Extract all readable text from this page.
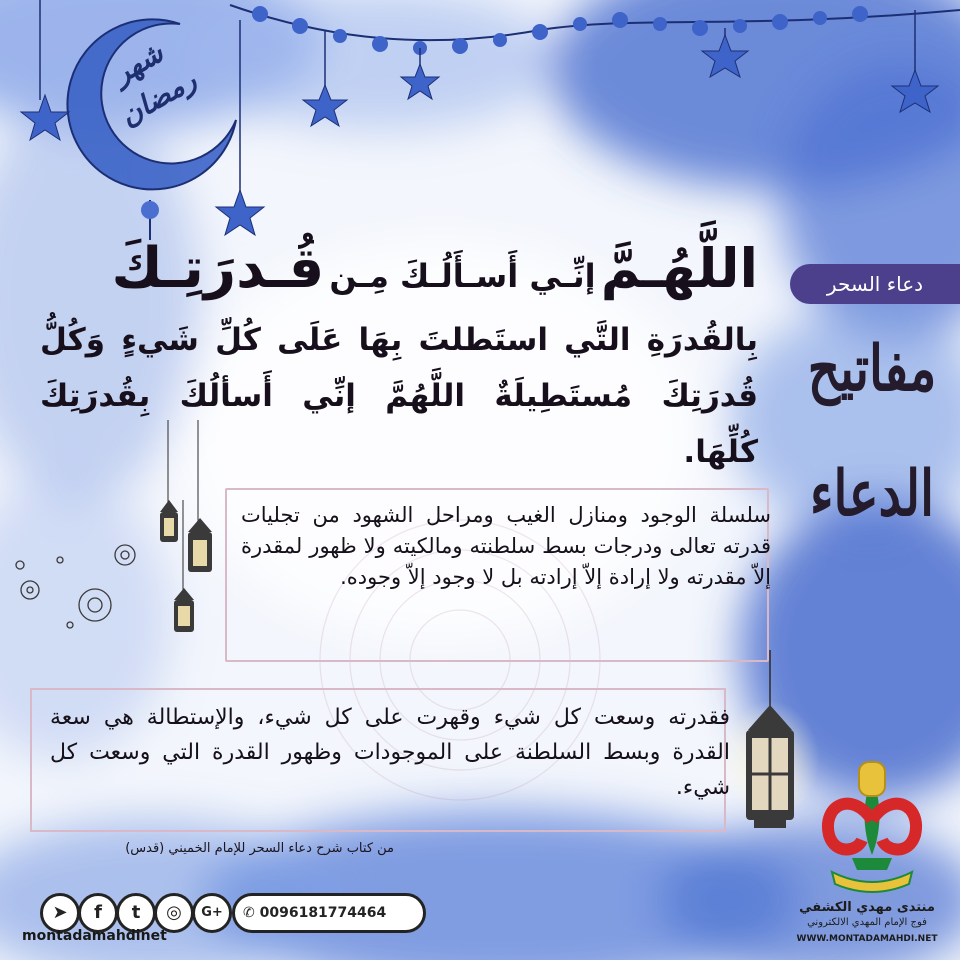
شهر رمضان
دعاء السحر
مفاتيح الدعاء
اللَّهُـمَّ إنِّـي أَسـأَلُـكَ مِـن قُـدرَتِـكَ
بِالقُدرَةِ التَّي استَطلتَ بِهَا عَلَى كُلِّ شَيءٍ وَكُلُّ
قُدرَتِكَ مُستَطِيلَةٌ اللَّهُمَّ إنِّي أَسألُكَ بِقُدرَتِكَ
كُلِّهَا.
سلسلة الوجود ومنازل الغيب ومراحل الشهود من تجليات قدرته تعالى ودرجات بسط سلطنته ومالكيته ولا ظهور لمقدرة إلاّ مقدرته ولا إرادة إلاّ إرادته بل لا وجود إلاّ وجوده.
فقدرته وسعت كل شيء وقهرت على كل شيء، والإستطالة هي سعة القدرة وبسط السلطنة على الموجودات وظهور القدرة التي وسعت كل شيء.
من كتاب شرح دعاء السحر للإمام الخميني (قدس)
➤	f	t	◎	G+	✆ 0096181774464
montadamahdinet
منتدى مهدي الكشفي
فوج الإمام المهدي الالكتروني
WWW.MONTADAMAHDI.NET
